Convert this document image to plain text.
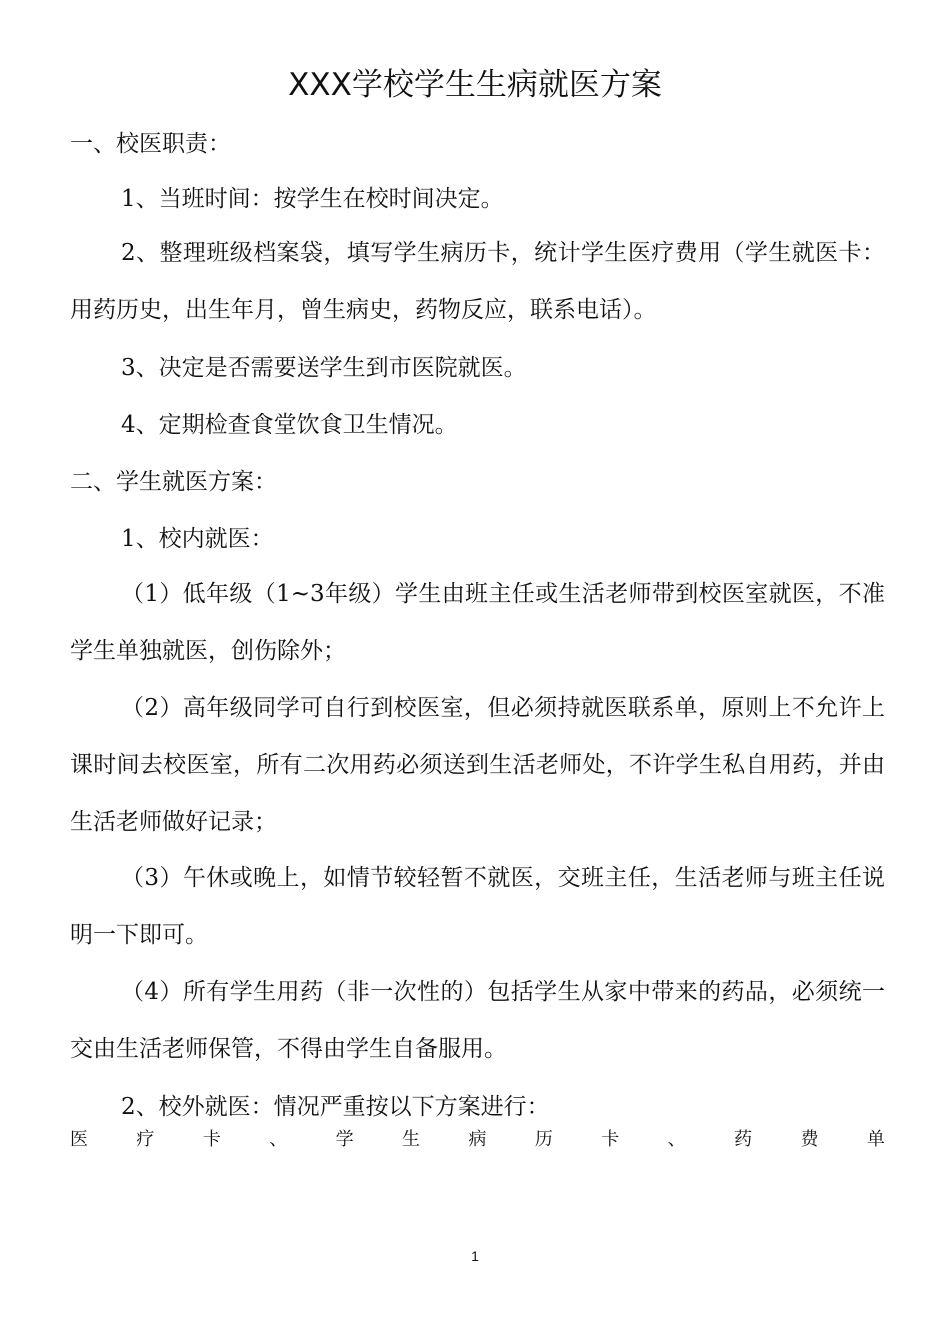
XXX学校学生生病就医方案
一、校医职责：
1、当班时间：按学生在校时间决定。
2、整理班级档案袋，填写学生病历卡，统计学生医疗费用（学生就医卡：用药历史，出生年月，曾生病史，药物反应，联系电话）。
3、决定是否需要送学生到市医院就医。
4、定期检查食堂饮食卫生情况。
二、学生就医方案：
1、校内就医：
（1）低年级（1~3年级）学生由班主任或生活老师带到校医室就医，不准学生单独就医，创伤除外；
（2）高年级同学可自行到校医室，但必须持就医联系单，原则上不允许上课时间去校医室，所有二次用药必须送到生活老师处，不许学生私自用药，并由生活老师做好记录；
（3）午休或晚上，如情节较轻暂不就医，交班主任，生活老师与班主任说明一下即可。
（4）所有学生用药（非一次性的）包括学生从家中带来的药品，必须统一交由生活老师保管，不得由学生自备服用。
2、校外就医：情况严重按以下方案进行：
医	疗	卡	、	学	生	病	历	卡	、	药	费	单
1
